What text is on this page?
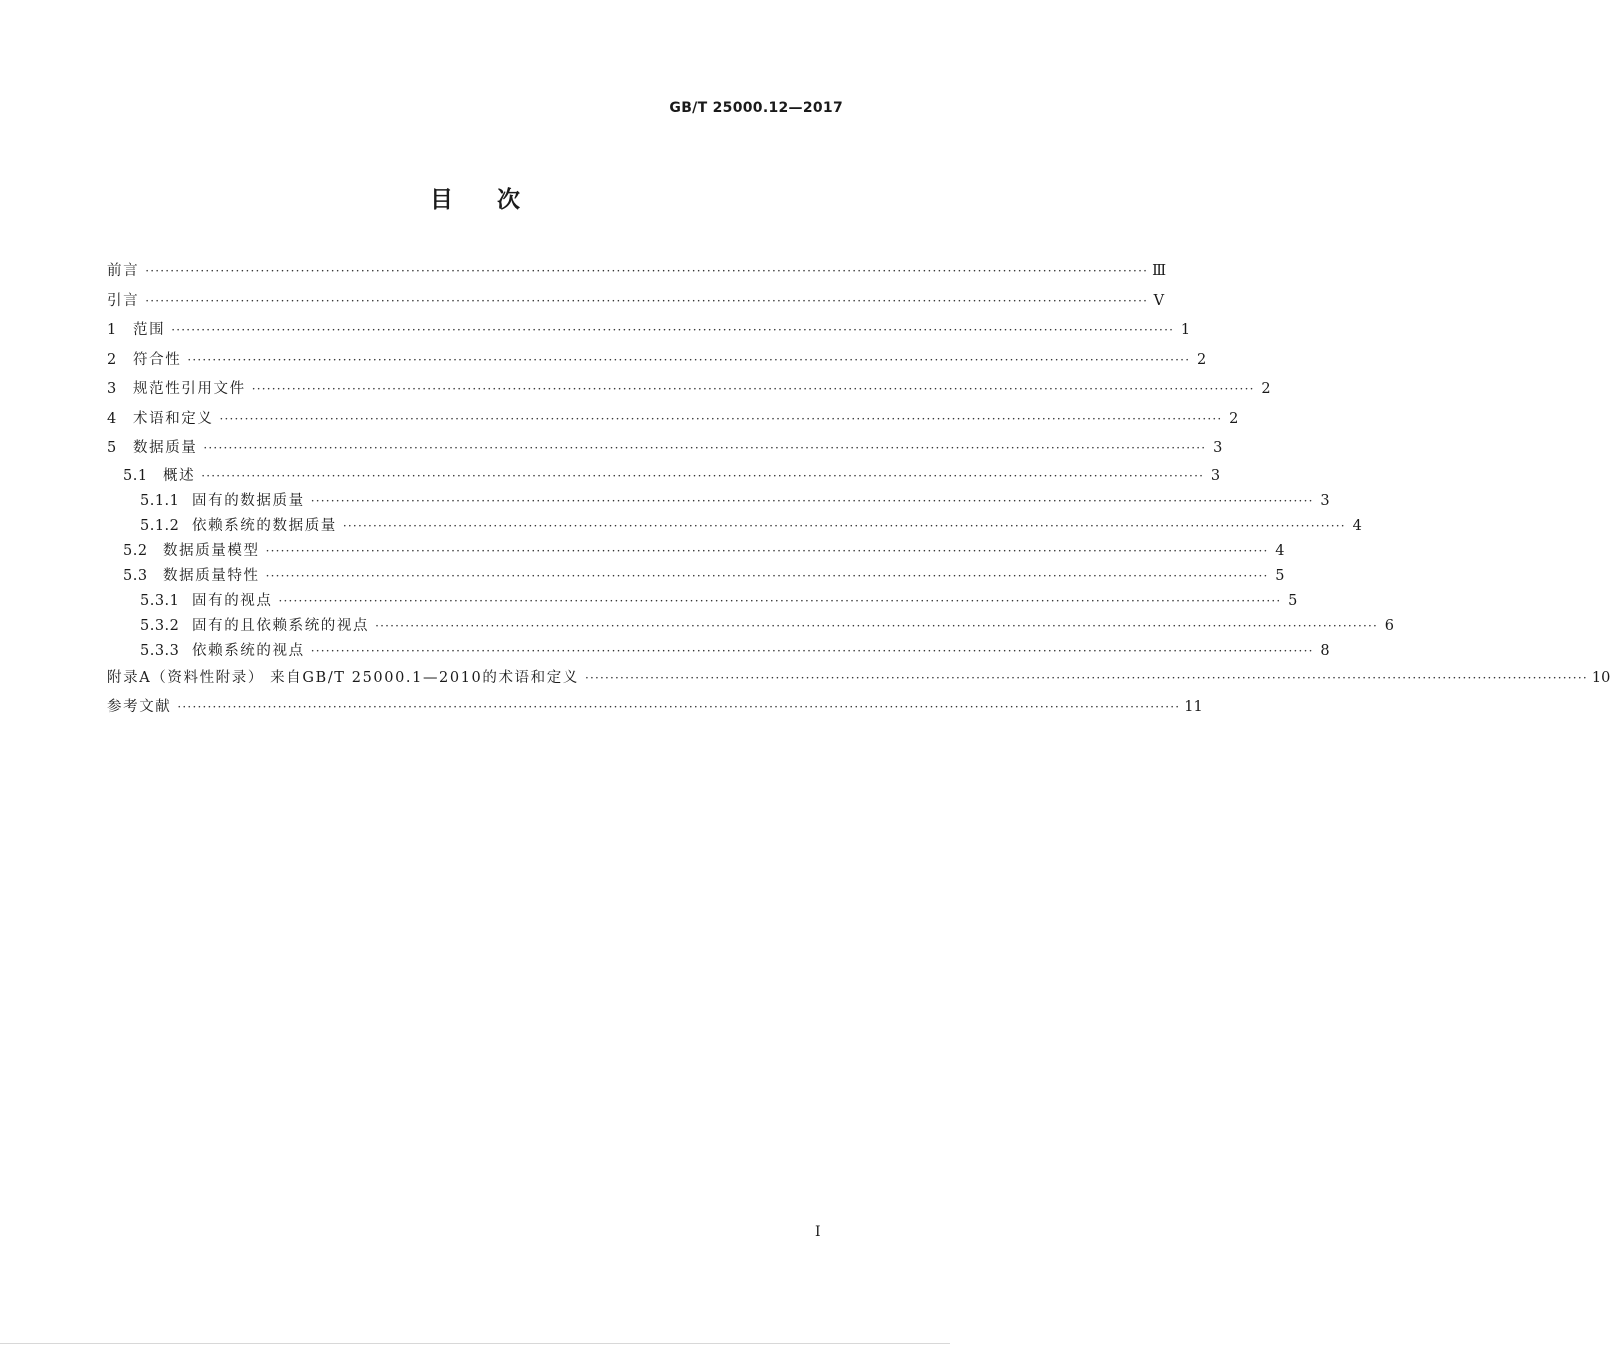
GB/T 25000.12—2017
目 次
前言 ········································································································································································································ Ⅲ
引言 ········································································································································································································ Ⅴ
1	范围 ········································································································································································································ 1
2	符合性 ········································································································································································································ 2
3	规范性引用文件 ········································································································································································································ 2
4	术语和定义 ········································································································································································································ 2
5	数据质量 ········································································································································································································ 3
5.1	概述 ········································································································································································································ 3
5.1.1 固有的数据质量 ········································································································································································································ 3
5.1.2 依赖系统的数据质量 ········································································································································································································ 4
5.2	数据质量模型 ········································································································································································································ 4
5.3	数据质量特性 ········································································································································································································ 5
5.3.1 固有的视点 ········································································································································································································ 5
5.3.2 固有的且依赖系统的视点 ········································································································································································································ 6
5.3.3 依赖系统的视点 ········································································································································································································ 8
附录A（资料性附录） 来自GB/T 25000.1—2010的术语和定义 ········································································································································································································ 10
参考文献 ········································································································································································································ 11
I
